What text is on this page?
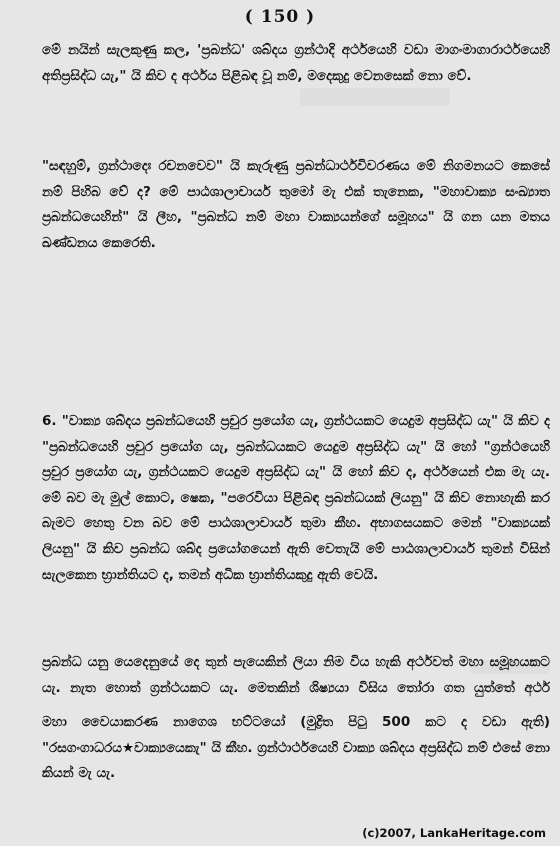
( 150 )

මේ නයින් සැලකුණු කල, 'ප්‍රබන්ධ' ශබ්දය ග්‍රන්ථාදි අර්ථයෙහි වඩා මාගංමාගාරාර්ථයෙහි අතිප්‍රසිද්ධ යැ," යි කිව ද අර්ථය පිළිබඳ වූ නම්, මදෙකුදු වෙනසෙක් නො වේ.

"සඳහුම්, ග්‍රන්ථාදෙඃ රචනවෙව" යි කැරුණු ප්‍රබන්ධාර්ථවිවරණය මේ නිගමනයට කෙසේ නම් පිහිබ වේ ද? මේ පාඨශාලාචාර්ය තුමෝ මැ එක් තැනෙක, "මහාවාක්‍ය සංඛ්‍යාත ප්‍රබන්ධයෙහින්" යි ලීහ, "ප්‍රබන්ධ නම් මහා වාක්‍යයන්ගේ සමූහය" යි ගන යන මතය ඛණ්ඩනය කෙරෙති.

6. "වාක්‍ය ශබ්දය ප්‍රබන්ධයෙහි ප්‍රචුර ප්‍රයෝග යැ, ග්‍රන්ථයකට යෙදුම අප්‍රසිද්ධ යැ" යි කිව ද "ප්‍රබන්ධයෙහි ප්‍රචුර ප්‍රයෝග යැ, ප්‍රබන්ධයකට යෙදුම අප්‍රසිද්ධ යැ" යි හෝ "ග්‍රන්ථයෙහි ප්‍රචුර ප්‍රයෝග යැ, ග්‍රන්ථයකට යෙදුම අප්‍රසිද්ධ යැ" යි හෝ කිව ද, අර්ථයෙන් එක මැ යැ. මේ බව මැ මුල් කොට, ෂෙක, "පරෙවියා පිළිබඳ ප්‍රබන්ධයක් ලියනු" යි කිව නොහැකි කර බැමට හෙතු වන බව මේ පාඨශාලාචාර්ය තුමා කීහ. අභාගසයකට මෙන් "වාක්‍යයක් ලියනු" යි කිව ප්‍රබන්ධ ශබ්ද ප්‍රයෝගයෙන් ඇති වෙතැයි මේ පාඨශාලාචාර්ය තුමන් විසින් සැලකෙන භ්‍රාන්තියට ද, තමන් අධික භ්‍රාන්තියකුදු ඇති වෙයි.

ප්‍රබන්ධ යනු යෙදෙනුයේ දෙ තුන් පැයෙකින් ලියා නිම විය හැකි අර්ථවත් මහා සමූහයකට යැ. නැත හොත් ග්‍රන්ථයකට යැ. මෙතකින් ශිෂ්‍යයා විසිය තෝරා ගත යුත්තේ අර්ථ

මහා වෛයාකරණ නාගෙශ භට්ටයෝ (මුද්‍රිත පිටු 500 කට ද වඩා ඇති) "රසගංගාධරය★වාක්‍යයෙකැ" යි කීහ. ග්‍රන්ථාර්ථයෙහි වාක්‍ය ශබ්දය අප්‍රසිද්ධ නම් එසේ නො කියන් මැ යැ.

(c)2007, LankaHeritage.com
